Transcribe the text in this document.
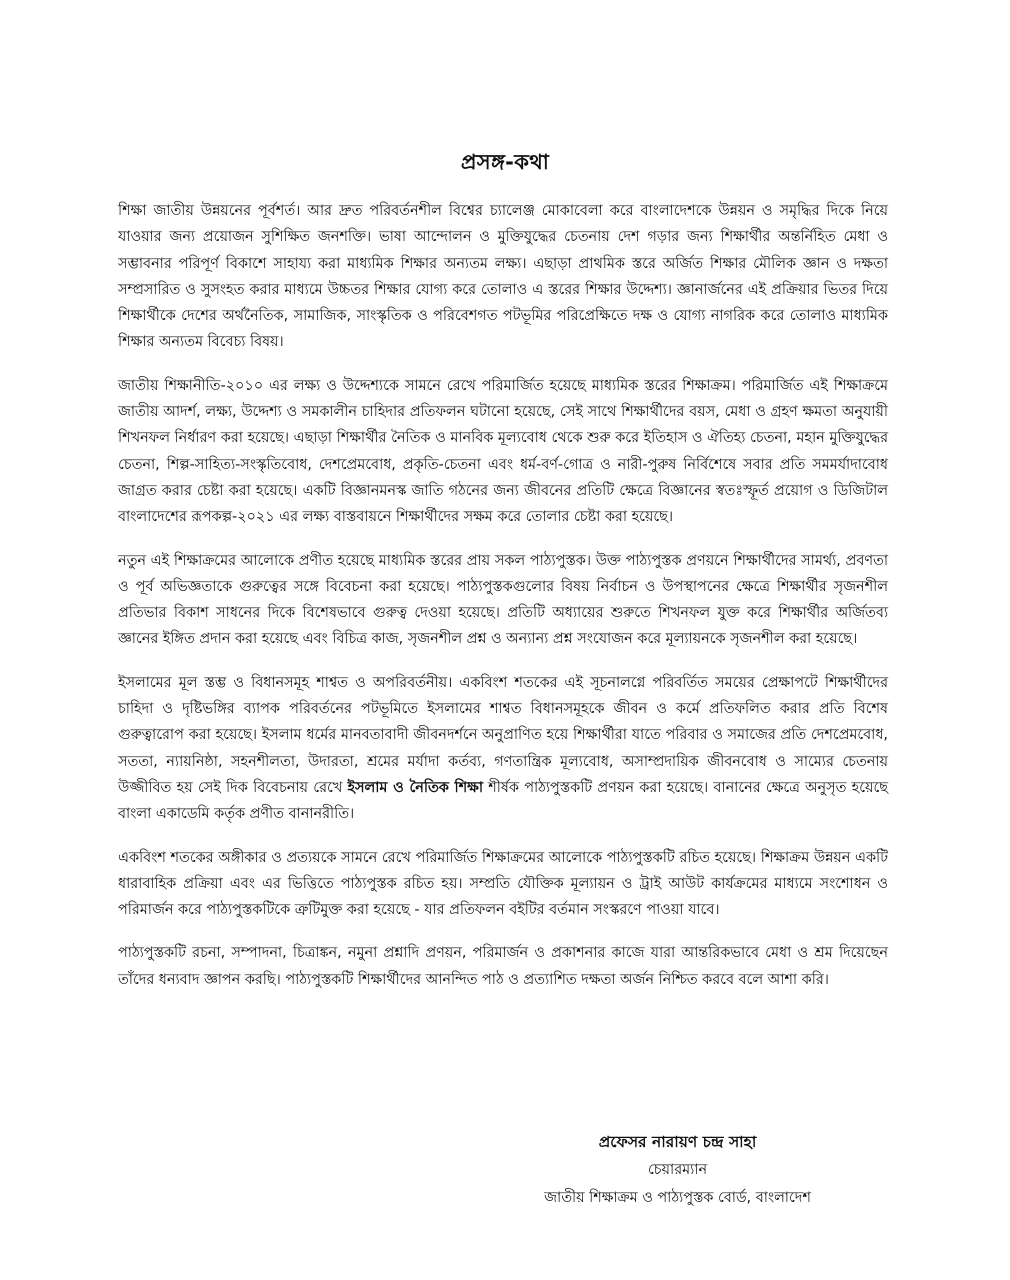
প্রসঙ্গ-কথা

শিক্ষা জাতীয় উন্নয়নের পূর্বশর্ত। আর দ্রুত পরিবর্তনশীল বিশ্বের চ্যালেঞ্জ মোকাবেলা করে বাংলাদেশকে উন্নয়ন ও সমৃদ্ধির দিকে নিয়ে যাওয়ার জন্য প্রয়োজন সুশিক্ষিত জনশক্তি। ভাষা আন্দোলন ও মুক্তিযুদ্ধের চেতনায় দেশ গড়ার জন্য শিক্ষার্থীর অন্তর্নিহিত মেধা ও সম্ভাবনার পরিপূর্ণ বিকাশে সাহায্য করা মাধ্যমিক শিক্ষার অন্যতম লক্ষ্য। এছাড়া প্রাথমিক স্তরে অর্জিত শিক্ষার মৌলিক জ্ঞান ও দক্ষতা সম্প্রসারিত ও সুসংহত করার মাধ্যমে উচ্চতর শিক্ষার যোগ্য করে তোলাও এ স্তরের শিক্ষার উদ্দেশ্য। জ্ঞানার্জনের এই প্রক্রিয়ার ভিতর দিয়ে শিক্ষার্থীকে দেশের অর্থনৈতিক, সামাজিক, সাংস্কৃতিক ও পরিবেশগত পটভূমির পরিপ্রেক্ষিতে দক্ষ ও যোগ্য নাগরিক করে তোলাও মাধ্যমিক শিক্ষার অন্যতম বিবেচ্য বিষয়।

জাতীয় শিক্ষানীতি-২০১০ এর লক্ষ্য ও উদ্দেশ্যকে সামনে রেখে পরিমার্জিত হয়েছে মাধ্যমিক স্তরের শিক্ষাক্রম। পরিমার্জিত এই শিক্ষাক্রমে জাতীয় আদর্শ, লক্ষ্য, উদ্দেশ্য ও সমকালীন চাহিদার প্রতিফলন ঘটানো হয়েছে, সেই সাথে শিক্ষার্থীদের বয়স, মেধা ও গ্রহণ ক্ষমতা অনুযায়ী শিখনফল নির্ধারণ করা হয়েছে। এছাড়া শিক্ষার্থীর নৈতিক ও মানবিক মূল্যবোধ থেকে শুরু করে ইতিহাস ও ঐতিহ্য চেতনা, মহান মুক্তিযুদ্ধের চেতনা, শিল্প-সাহিত্য-সংস্কৃতিবোধ, দেশপ্রেমবোধ, প্রকৃতি-চেতনা এবং ধর্ম-বর্ণ-গোত্র ও নারী-পুরুষ নির্বিশেষে সবার প্রতি সমমর্যাদাবোধ জাগ্রত করার চেষ্টা করা হয়েছে। একটি বিজ্ঞানমনস্ক জাতি গঠনের জন্য জীবনের প্রতিটি ক্ষেত্রে বিজ্ঞানের স্বতঃস্ফূর্ত প্রয়োগ ও ডিজিটাল বাংলাদেশের রূপকল্প-২০২১ এর লক্ষ্য বাস্তবায়নে শিক্ষার্থীদের সক্ষম করে তোলার চেষ্টা করা হয়েছে।

নতুন এই শিক্ষাক্রমের আলোকে প্রণীত হয়েছে মাধ্যমিক স্তরের প্রায় সকল পাঠ্যপুস্তক। উক্ত পাঠ্যপুস্তক প্রণয়নে শিক্ষার্থীদের সামর্থ্য, প্রবণতা ও পূর্ব অভিজ্ঞতাকে গুরুত্বের সঙ্গে বিবেচনা করা হয়েছে। পাঠ্যপুস্তকগুলোর বিষয় নির্বাচন ও উপস্থাপনের ক্ষেত্রে শিক্ষার্থীর সৃজনশীল প্রতিভার বিকাশ সাধনের দিকে বিশেষভাবে গুরুত্ব দেওয়া হয়েছে। প্রতিটি অধ্যায়ের শুরুতে শিখনফল যুক্ত করে শিক্ষার্থীর অর্জিতব্য জ্ঞানের ইঙ্গিত প্রদান করা হয়েছে এবং বিচিত্র কাজ, সৃজনশীল প্রশ্ন ও অন্যান্য প্রশ্ন সংযোজন করে মূল্যায়নকে সৃজনশীল করা হয়েছে।

ইসলামের মূল স্তম্ভ ও বিধানসমূহ শাশ্বত ও অপরিবর্তনীয়। একবিংশ শতকের এই সূচনালগ্নে পরিবর্তিত সময়ের প্রেক্ষাপটে শিক্ষার্থীদের চাহিদা ও দৃষ্টিভঙ্গির ব্যাপক পরিবর্তনের পটভূমিতে ইসলামের শাশ্বত বিধানসমূহকে জীবন ও কর্মে প্রতিফলিত করার প্রতি বিশেষ গুরুত্বারোপ করা হয়েছে। ইসলাম ধর্মের মানবতাবাদী জীবনদর্শনে অনুপ্রাণিত হয়ে শিক্ষার্থীরা যাতে পরিবার ও সমাজের প্রতি দেশপ্রেমবোধ, সততা, ন্যায়নিষ্ঠা, সহনশীলতা, উদারতা, শ্রমের মর্যাদা কর্তব্য, গণতান্ত্রিক মূল্যবোধ, অসাম্প্রদায়িক জীবনবোধ ও সাম্যের চেতনায় উজ্জীবিত হয় সেই দিক বিবেচনায় রেখে ইসলাম ও নৈতিক শিক্ষা শীর্ষক পাঠ্যপুস্তকটি প্রণয়ন করা হয়েছে। বানানের ক্ষেত্রে অনুসৃত হয়েছে বাংলা একাডেমি কর্তৃক প্রণীত বানানরীতি।

একবিংশ শতকের অঙ্গীকার ও প্রত্যয়কে সামনে রেখে পরিমার্জিত শিক্ষাক্রমের আলোকে পাঠ্যপুস্তকটি রচিত হয়েছে। শিক্ষাক্রম উন্নয়ন একটি ধারাবাহিক প্রক্রিয়া এবং এর ভিত্তিতে পাঠ্যপুস্তক রচিত হয়। সম্প্রতি যৌক্তিক মূল্যায়ন ও ট্রাই আউট কার্যক্রমের মাধ্যমে সংশোধন ও পরিমার্জন করে পাঠ্যপুস্তকটিকে ত্রুটিমুক্ত করা হয়েছে - যার প্রতিফলন বইটির বর্তমান সংস্করণে পাওয়া যাবে।

পাঠ্যপুস্তকটি রচনা, সম্পাদনা, চিত্রাঙ্কন, নমুনা প্রশ্নাদি প্রণয়ন, পরিমার্জন ও প্রকাশনার কাজে যারা আন্তরিকভাবে মেধা ও শ্রম দিয়েছেন তাঁদের ধন্যবাদ জ্ঞাপন করছি। পাঠ্যপুস্তকটি শিক্ষার্থীদের আনন্দিত পাঠ ও প্রত্যাশিত দক্ষতা অর্জন নিশ্চিত করবে বলে আশা করি।

প্রফেসর নারায়ণ চন্দ্র সাহা
চেয়ারম্যান
জাতীয় শিক্ষাক্রম ও পাঠ্যপুস্তক বোর্ড, বাংলাদেশ
